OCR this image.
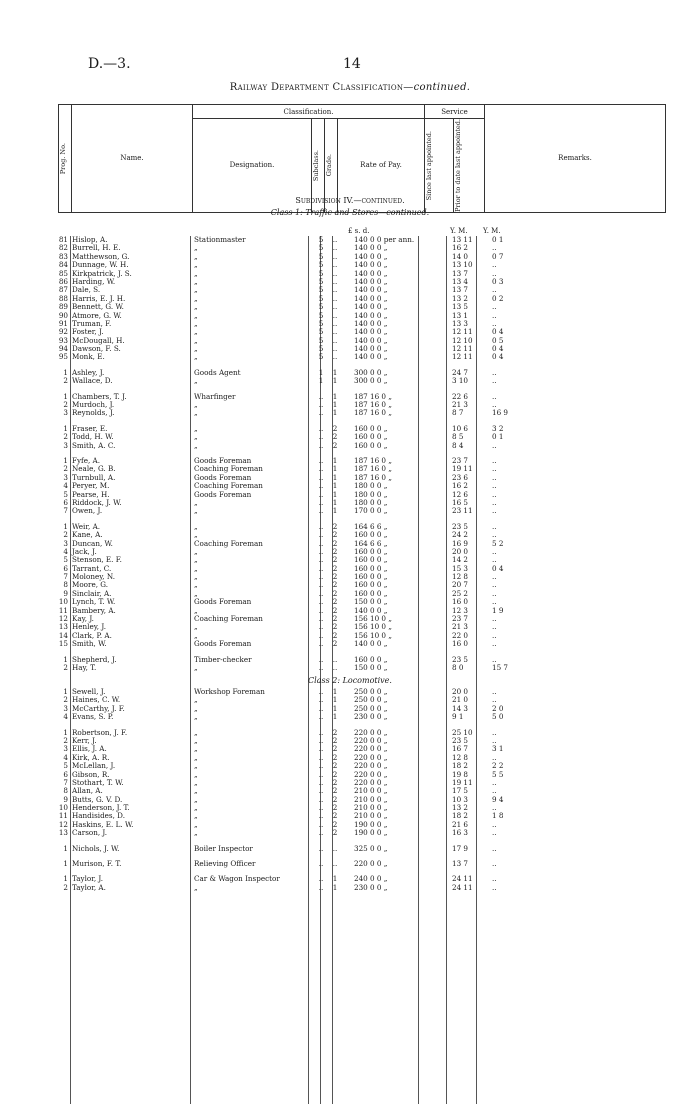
D.—3.	14
Railway Department Classification—continued.
Prog. No.	Name.	Classification.				Service		Remarks.
		Designation.	Subclass.	Grade.	Rate of Pay.	Since last appointed.	Prior to date last appointed.	
Subdivision IV.—continued.
Class 1: Traffic and Stores—continued.
£ s. d.	Y. M. Y. M.
81 Hislop, A.	Stationmaster	5	.. 140 0 0 per ann.	13 11	0 1
82 Burrell, H. E.	„	5	.. 140 0 0 „	16 2	..
83 Matthewson, G.	„	5	.. 140 0 0 „	14 0	0 7
84 Dunnage, W. H.	„	5	.. 140 0 0 „	13 10	..
85 Kirkpatrick, J. S.	„	5	.. 140 0 0 „	13 7	..
86 Harding, W.	„	5	.. 140 0 0 „	13 4	0 3
87 Dale, S.	„	5	.. 140 0 0 „	13 7	..
88 Harris, E. J. H.	„	5	.. 140 0 0 „	13 2	0 2
89 Bennett, G. W.	„	5	.. 140 0 0 „	13 5	..
90 Atmore, G. W.	„	5	.. 140 0 0 „	13 1	..
91 Truman, F.	„	5	.. 140 0 0 „	13 3	..
92 Foster, J.	„	5	.. 140 0 0 „	12 11	0 4
93 McDougall, H.	„	5	.. 140 0 0 „	12 10	0 5
94 Dawson, F. S.	„	5	.. 140 0 0 „	12 11	0 4
95 Monk, E.	„	5	.. 140 0 0 „	12 11	0 4
1 Ashley, J.	Goods Agent	1	1 300 0 0 „	24 7	..
2 Wallace, D.	„	1	1 300 0 0 „	3 10	..
1 Chambers, T. J.	Wharfinger	..	1 187 16 0 „	22 6	..
2 Murdoch, J.	„	..	1 187 16 0 „	21 3	..
3 Reynolds, J.	„	..	1 187 16 0 „	8 7	16 9
1 Fraser, E.	„	..	2 160 0 0 „	10 6	3 2
2 Todd, H. W.	„	..	2 160 0 0 „	8 5	0 1
3 Smith, A. C.	„	..	2 160 0 0 „	8 4	..
1 Fyfe, A.	Goods Foreman	..	1 187 16 0 „	23 7	..
2 Neale, G. B.	Coaching Foreman	..	1 187 16 0 „	19 11	..
3 Turnbull, A.	Goods Foreman	..	1 187 16 0 „	23 6	..
4 Peryer, M.	Coaching Foreman	..	1 180 0 0 „	16 2	..
5 Pearse, H.	Goods Foreman	..	1 180 0 0 „	12 6	..
6 Riddock, J. W.	„	..	1 180 0 0 „	16 5	..
7 Owen, J.	„	..	1 170 0 0 „	23 11	..
1 Weir, A.	„	..	2 164 6 6 „	23 5	..
2 Kane, A.	„	..	2 160 0 0 „	24 2	..
3 Duncan, W.	Coaching Foreman	..	2 164 6 6 „	16 9	5 2
4 Jack, J.	„	..	2 160 0 0 „	20 0	..
5 Stenson, E. F.	„	..	2 160 0 0 „	14 2	..
6 Tarrant, C.	„	..	2 160 0 0 „	15 3	0 4
7 Moloney, N.	„	..	2 160 0 0 „	12 8	..
8 Moore, G.	„	..	2 160 0 0 „	20 7	..
9 Sinclair, A.	„	..	2 160 0 0 „	25 2	..
10 Lynch, T. W.	Goods Foreman	..	2 150 0 0 „	16 0	..
11 Bambery, A.	„	..	2 140 0 0 „	12 3	1 9
12 Kay, J.	Coaching Foreman	..	2 156 10 0 „	23 7	..
13 Henley, J.	„	..	2 156 10 0 „	21 3	..
14 Clark, P. A.	„	..	2 156 10 0 „	22 0	..
15 Smith, W.	Goods Foreman	..	2 140 0 0 „	16 0	..
1 Shepherd, J.	Timber-checker	..	.. 160 0 0 „	23 5	..
2 Hay, T.	„	..	.. 150 0 0 „	8 0	15 7
Class 2: Locomotive.
1 Sewell, J.	Workshop Foreman	..	1 250 0 0 „	20 0	..
2 Haines, C. W.	„	..	1 250 0 0 „	21 0	..
3 McCarthy, J. F.	„	..	1 250 0 0 „	14 3	2 0
4 Evans, S. P.	„	..	1 230 0 0 „	9 1	5 0
1 Robertson, J. F.	„	..	2 220 0 0 „	25 10	..
2 Kerr, J.	„	..	2 220 0 0 „	23 5	..
3 Ellis, J. A.	„	..	2 220 0 0 „	16 7	3 1
4 Kirk, A. R.	„	..	2 220 0 0 „	12 8	..
5 McLellan, J.	„	..	2 220 0 0 „	18 2	2 2
6 Gibson, R.	„	..	2 220 0 0 „	19 8	5 5
7 Stothart, T. W.	„	..	2 220 0 0 „	19 11	..
8 Allan, A.	„	..	2 210 0 0 „	17 5	..
9 Butts, G. V. D.	„	..	2 210 0 0 „	10 3	9 4
10 Henderson, J. T.	„	..	2 210 0 0 „	13 2	..
11 Handisides, D.	„	..	2 210 0 0 „	18 2	1 8
12 Haskins, E. L. W.	„	..	2 190 0 0 „	21 6	..
13 Carson, J.	„	..	2 190 0 0 „	16 3	..
1 Nichols, J. W.	Boiler Inspector	..	.. 325 0 0 „	17 9	..
1 Murison, F. T.	Relieving Officer	..	.. 220 0 0 „	13 7	..
1 Taylor, J.	Car & Wagon Inspector	..	1 240 0 0 „	24 11	..
2 Taylor, A.	„	..	1 230 0 0 „	24 11	..
